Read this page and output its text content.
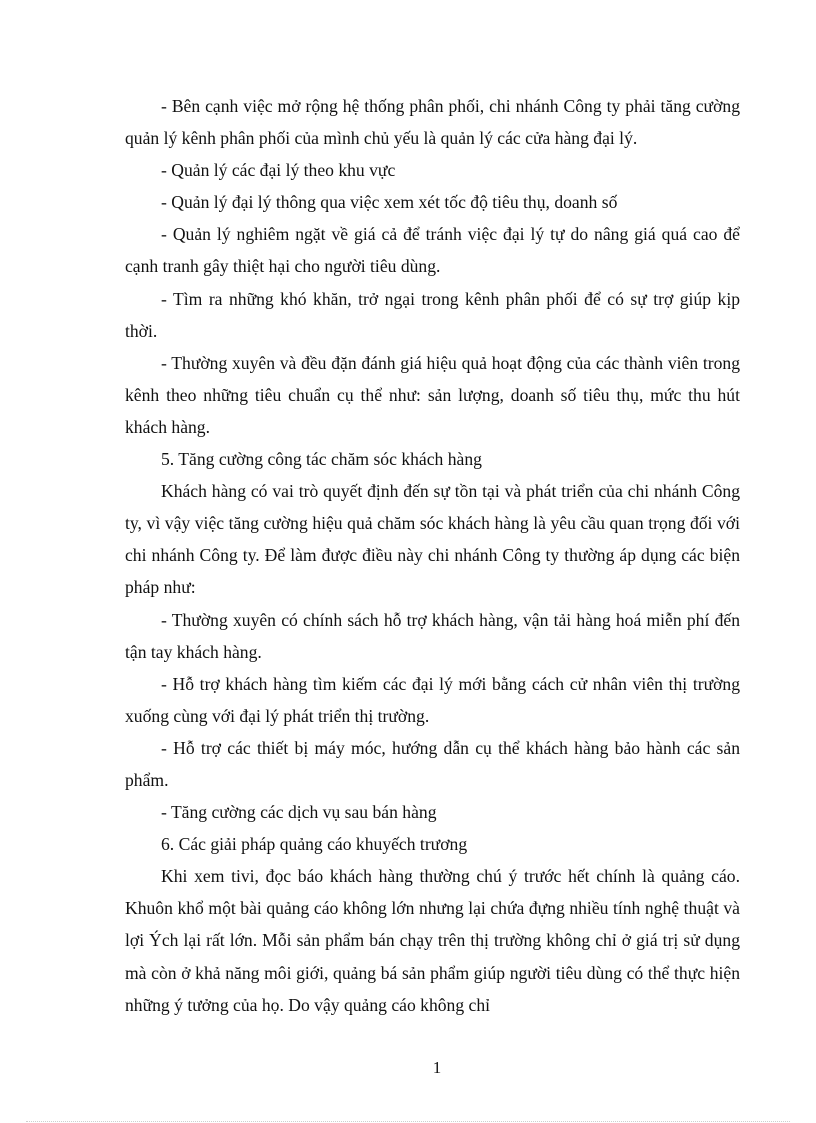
- Bên cạnh việc mở rộng hệ thống phân phối, chi nhánh Công ty phải tăng cường quản lý kênh phân phối của mình chủ yếu là quản lý các cửa hàng đại lý.

- Quản lý các đại lý theo khu vực

- Quản lý đại lý thông qua việc xem xét tốc độ tiêu thụ, doanh số

- Quản lý nghiêm ngặt về giá cả để tránh việc đại lý tự do nâng giá quá cao để cạnh tranh gây thiệt hại cho người tiêu dùng.

- Tìm ra những khó khăn, trở ngại trong kênh phân phối để có sự trợ giúp kịp thời.

- Thường xuyên và đều đặn đánh giá hiệu quả hoạt động của các thành viên trong kênh theo những tiêu chuẩn cụ thể như: sản lượng, doanh số tiêu thụ, mức thu hút khách hàng.

5. Tăng cường công tác chăm sóc khách hàng

Khách hàng có vai trò quyết định đến sự tồn tại và phát triển của chi nhánh Công ty, vì vậy việc tăng cường hiệu quả chăm sóc khách hàng là yêu cầu quan trọng đối với chi nhánh Công ty. Để làm được điều này chi nhánh Công ty thường áp dụng các biện pháp như:

- Thường xuyên có chính sách hỗ trợ khách hàng, vận tải hàng hoá miễn phí đến tận tay khách hàng.

- Hỗ trợ khách hàng tìm kiếm các đại lý mới bằng cách cử nhân viên thị trường xuống cùng với đại lý phát triển thị trường.

- Hỗ trợ các thiết bị máy móc, hướng dẫn cụ thể khách hàng bảo hành các sản phẩm.

- Tăng cường các dịch vụ sau bán hàng

6. Các giải pháp quảng cáo khuyếch trương

Khi xem tivi, đọc báo khách hàng thường chú ý trước hết chính là quảng cáo. Khuôn khổ một bài quảng cáo không lớn nhưng lại chứa đựng nhiều tính nghệ thuật và lợi Ých lại rất lớn. Mỗi sản phẩm bán chạy trên thị trường không chỉ ở giá trị sử dụng mà còn ở khả năng môi giới, quảng bá sản phẩm giúp người tiêu dùng có thể thực hiện những ý tưởng của họ. Do vậy quảng cáo không chỉ

1
